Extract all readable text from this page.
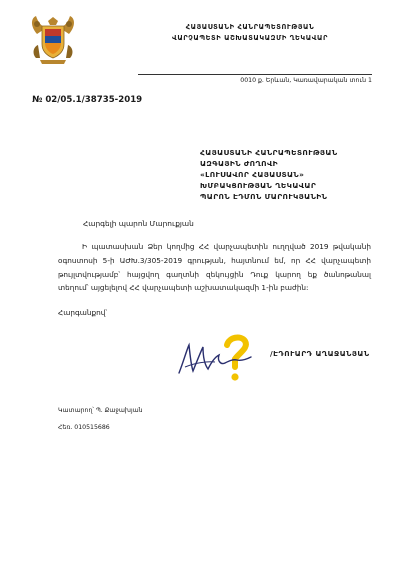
ՀԱՅԱՍՏԱՆԻ ՀԱՆՐԱՊԵՏՈՒԹՅԱՆ
ՎԱՐՉԱՊԵՏԻ ԱՇԽԱՏԱԿԱԶՄԻ ՂԵԿԱՎԱՐ
0010 ք. Երևան, Կառավարական տուն 1
№ 02/05.1/38735-2019
ՀԱՅԱՍՏԱՆԻ ՀԱՆՐԱՊԵՏՈՒԹՅԱՆ
ԱԶԳԱՅԻՆ ԺՈՂՈՎԻ
«ԼՈՒՍԱՎՈՐ ՀԱՅԱՍՏԱՆ»
ԽՄԲԱԿՑՈՒԹՅԱՆ ՂԵԿԱՎԱՐ
ՊԱՐՈՆ ԷԴՄՈՆ ՄԱՐՈՒԿՅԱՆԻՆ
Հարգելի պարոն Մարուքյան
Ի պատասխան Ձեր կողմից ՀՀ վարչապետին ուղղված 2019 թվականի օգոստոսի 5-ի ԱԺԽ.3/305-2019 գրության, հայտնում եմ, որ ՀՀ վարչապետի թույլտվությամբ՝ հայցվող գաղտնի զեկույցին Դուք կարող եք ծանոթանալ տեղում՝ այցելելով ՀՀ վարչապետի աշխատակազմի 1-ին բաժին:
Հարգանքով՝
/ԷԴՈՒԱՐԴ ԱՂԱՋԱՆՅԱՆ
Կատարող՝ Պ. Քաջախյան
Հեռ. 010515686
